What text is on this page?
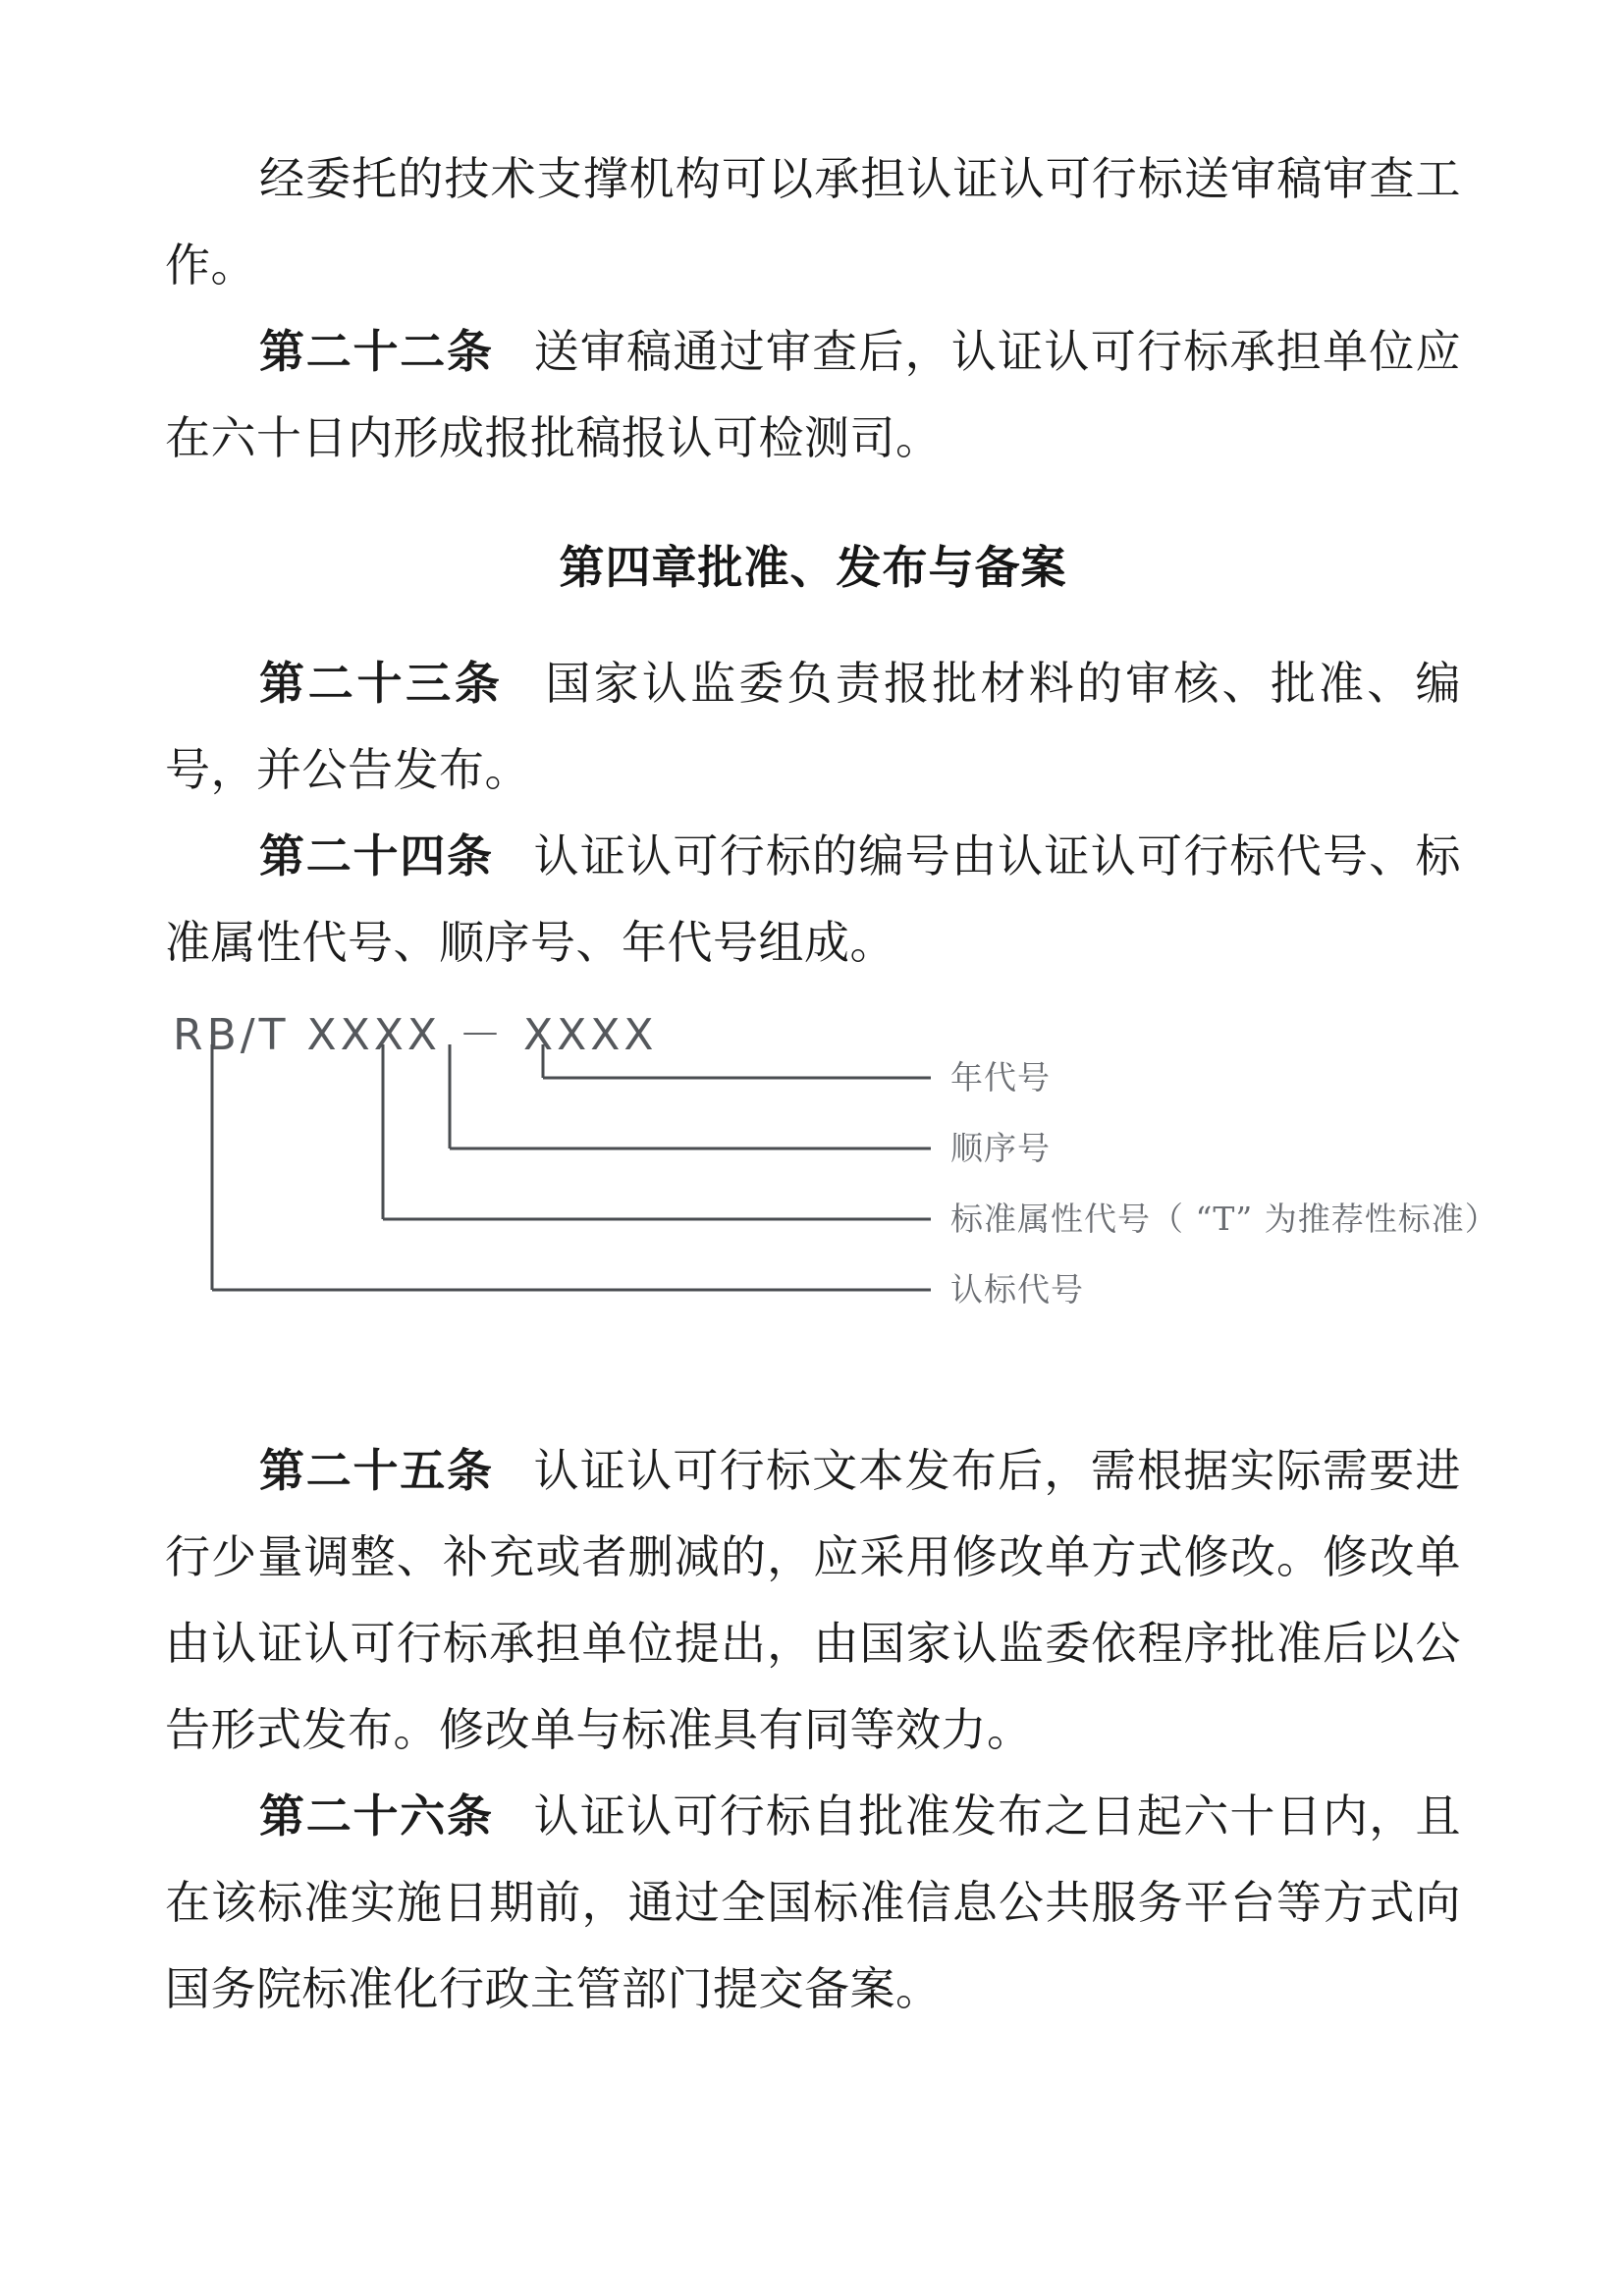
经委托的技术支撑机构可以承担认证认可行标送审稿审查工作。

第二十二条 送审稿通过审查后，认证认可行标承担单位应在六十日内形成报批稿报认可检测司。

第四章批准、发布与备案

第二十三条 国家认监委负责报批材料的审核、批准、编号，并公告发布。

第二十四条 认证认可行标的编号由认证认可行标代号、标准属性代号、顺序号、年代号组成。

RB/T XXXX － XXXX
年代号
顺序号
标准属性代号（ “T” 为推荐性标准）
认标代号

第二十五条 认证认可行标文本发布后，需根据实际需要进行少量调整、补充或者删减的，应采用修改单方式修改。修改单由认证认可行标承担单位提出，由国家认监委依程序批准后以公告形式发布。修改单与标准具有同等效力。

第二十六条 认证认可行标自批准发布之日起六十日内，且在该标准实施日期前，通过全国标准信息公共服务平台等方式向国务院标准化行政主管部门提交备案。
